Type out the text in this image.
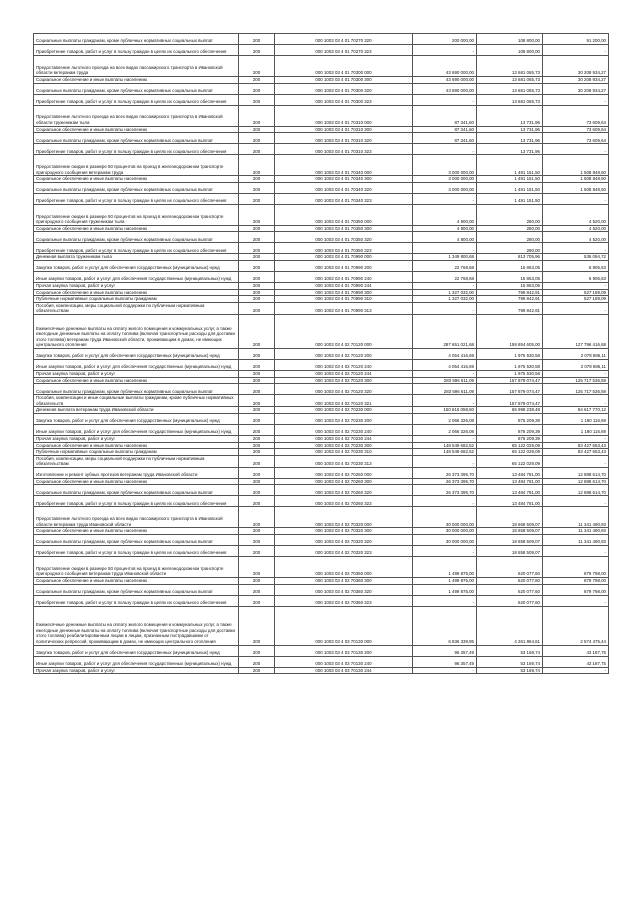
Социальные выплаты гражданам, кроме публичных нормативных социальных выплат	200	000 1003 03 4 01 70270 320	200 000,00	108 800,00	91 200,00
Приобретение товаров, работ и услуг в пользу граждан в целях их социального обеспечения	200	000 1003 03 4 01 70270 323	-	108 800,00	-
Предоставление льготного проезда на всех видах пассажирского транспорта в Ивановской области ветеранам труда	200	000 1003 03 4 01 70300 000	43 690 000,00	13 681 065,73	30 208 934,27
Социальное обеспечение и иные выплаты населению	200	000 1003 03 4 01 70300 300	43 690 000,00	13 681 065,73	30 208 934,27
Социальные выплаты гражданам, кроме публичных нормативных социальных выплат	200	000 1003 03 4 01 70300 320	43 690 000,00	13 681 065,73	30 208 934,27
Приобретение товаров, работ и услуг в пользу граждан в целях их социального обеспечения	200	000 1003 03 4 01 70300 323	-	13 681 065,73	-
Предоставление льготного проезда на всех видах пассажирского транспорта в Ивановской области труженикам тыла	200	000 1003 03 4 01 70310 000	87 341,60	13 731,96	73 609,64
Социальное обеспечение и иные выплаты населению	200	000 1003 03 4 01 70310 300	87 341,60	13 731,96	73 609,64
Социальные выплаты гражданам, кроме публичных нормативных социальных выплат	200	000 1003 03 4 01 70310 320	87 341,60	13 731,96	73 609,64
Приобретение товаров, работ и услуг в пользу граждан в целях их социального обеспечения	200	000 1003 03 4 01 70310 323	-	13 731,96	-
Предоставление скидки в размере 50 процентов на проезд в железнодорожном транспорте пригородного сообщения ветеранам труда	200	000 1003 03 4 01 70340 000	3 000 000,00	1 491 151,50	1 508 848,50
Социальное обеспечение и иные выплаты населению	200	000 1003 03 4 01 70340 300	3 000 000,00	1 491 151,50	1 508 848,50
Социальные выплаты гражданам, кроме публичных нормативных социальных выплат	200	000 1003 03 4 01 70340 320	3 000 000,00	1 491 151,50	1 508 848,50
Приобретение товаров, работ и услуг в пользу граждан в целях их социального обеспечения	200	000 1003 03 4 01 70340 323	-	1 491 151,50	-
Предоставление скидки в размере 50 процентов на проезд в железнодорожном транспорте пригородного сообщения труженикам тыла	200	000 1003 03 4 01 70350 000	4 800,00	280,00	4 520,00
Социальное обеспечение и иные выплаты населению	200	000 1003 03 4 01 70350 300	4 800,00	280,00	4 520,00
Социальные выплаты гражданам, кроме публичных нормативных социальных выплат	200	000 1003 03 4 01 70350 320	4 800,00	280,00	4 520,00
Приобретение товаров, работ и услуг в пользу граждан в целях их социального обеспечения	200	000 1003 03 4 01 70350 323	-	280,00	-
Денежная выплата труженикам тыла	200	000 1003 03 4 01 70990 000	1 349 800,68	813 705,96	536 094,72
Закупка товаров, работ и услуг для обеспечения государственных (муниципальных) нужд	200	000 1003 03 4 01 70990 200	22 768,68	15 863,05	6 905,63
Иные закупки товаров, работ и услуг для обеспечения государственных (муниципальных) нужд	200	000 1003 03 4 01 70990 240	22 768,68	15 863,05	6 905,63
Прочая закупка товаров, работ и услуг	200	000 1003 03 4 01 70990 244	-	15 863,05	-
Социальное обеспечение и иные выплаты населению	200	000 1003 03 4 01 70990 300	1 327 032,00	799 842,91	527 189,09
Публичные нормативные социальные выплаты гражданам	200	000 1003 03 4 01 70990 310	1 327 032,00	799 842,91	527 189,09
Пособия, компенсации, меры социальной поддержки по публичным нормативным обязательствам	200	000 1003 03 4 01 70990 313	-	799 842,91	-
Ежемесячные денежные выплаты на оплату жилого помещения и коммунальных услуг, а также ежегодные денежные выплаты на оплату топлива (включая транспортные расходы для доставки этого топлива) ветеранам труда Ивановской области, проживающим в домах, не имеющих центрального отопления	200	000 1003 03 4 02 70120 000	287 651 021,68	159 854 605,00	127 796 416,68
Закупка товаров, работ и услуг для обеспечения государственных (муниципальных) нужд	200	000 1003 03 4 02 70120 200	4 054 416,69	1 975 530,58	2 078 886,11
Иные закупки товаров, работ и услуг для обеспечения государственных (муниципальных) нужд	200	000 1003 03 4 02 70120 240	4 054 416,69	1 975 530,58	2 078 886,11
Прочая закупка товаров, работ и услуг	200	000 1003 03 4 02 70120 244	-	1 975 530,58	-
Социальное обеспечение и иные выплаты населению	200	000 1003 03 4 02 70120 300	283 596 611,09	157 879 074,47	125 717 536,59
Социальные выплаты гражданам, кроме публичных нормативных социальных выплат	200	000 1003 03 4 02 70120 320	283 596 611,09	157 879 074,47	125 717 536,59
Пособия, компенсации и иные социальные выплаты гражданам, кроме публичных нормативных обязательств	200	000 1003 03 4 02 70120 321	-	157 879 074,47	-
Денежная выплата ветеранам труда Ивановской области	200	000 1003 03 4 02 70230 000	150 616 058,60	65 998 238,48	84 617 770,12
Закупка товаров, работ и услуг для обеспечения государственных (муниципальных) нужд	200	000 1003 03 4 02 70230 200	2 066 326,08	876 209,39	1 190 116,69
Иные закупки товаров, работ и услуг для обеспечения государственных (муниципальных) нужд	200	000 1003 03 4 02 70230 240	2 066 326,08	876 209,39	1 190 116,69
Прочая закупка товаров, работ и услуг	200	000 1003 03 4 02 70230 244	-	876 209,39	-
Социальное обеспечение и иные выплаты населению	200	000 1003 03 4 02 70230 300	148 549 682,52	65 122 029,09	83 427 653,43
Публичные нормативные социальные выплаты гражданам	200	000 1003 03 4 02 70230 310	148 549 682,52	65 122 029,09	83 427 653,43
Пособия, компенсации, меры социальной поддержки по публичным нормативным обязательствам	200	000 1003 03 4 02 70230 313	-	65 122 029,09	-
Изготовление и ремонт зубных протезов ветеранам труда Ивановской области	200	000 1003 03 4 02 70260 000	26 373 395,70	13 484 781,00	12 888 614,70
Социальное обеспечение и иные выплаты населению	200	000 1003 03 4 02 70260 300	26 373 395,70	13 484 781,00	12 888 614,70
Социальные выплаты гражданам, кроме публичных нормативных социальных выплат	200	000 1003 03 4 02 70260 320	26 373 395,70	13 484 781,00	12 888 614,70
Приобретение товаров, работ и услуг в пользу граждан в целях их социального обеспечения	200	000 1003 03 4 02 70260 323	-	13 484 781,00	-
Предоставление льготного проезда на всех видах пассажирского транспорта в Ивановской области ветеранам труда Ивановской области	200	000 1003 03 4 02 70320 000	30 000 000,00	18 658 509,07	11 341 490,93
Социальное обеспечение и иные выплаты населению	200	000 1003 03 4 02 70320 300	30 000 000,00	18 658 509,07	11 341 490,93
Социальные выплаты гражданам, кроме публичных нормативных социальных выплат	200	000 1003 03 4 02 70320 320	30 000 000,00	18 658 509,07	11 341 490,93
Приобретение товаров, работ и услуг в пользу граждан в целях их социального обеспечения	200	000 1003 03 4 02 70320 323	-	18 658 509,07	-
Предоставление скидки в размере 50 процентов на проезд в железнодорожном транспорте пригородного сообщения ветеранам труда Ивановской области	200	000 1003 03 4 02 70360 000	1 499 875,00	620 077,60	879 798,00
Социальное обеспечение и иные выплаты населению	200	000 1003 03 4 02 70360 300	1 499 875,00	620 077,60	879 798,00
Социальные выплаты гражданам, кроме публичных нормативных социальных выплат	200	000 1003 03 4 02 70360 320	1 499 875,00	620 077,60	879 798,00
Приобретение товаров, работ и услуг в пользу граждан в целях их социального обеспечения	200	000 1003 03 4 02 70360 323	-	620 077,60	-
Ежемесячные денежные выплаты на оплату жилого помещения и коммунальных услуг, а также ежегодные денежные выплаты на оплату топлива (включая транспортные расходы для доставки этого топлива) реабилитированным лицам и лицам, признанным пострадавшими от политических репрессий, проживающим в домах, не имеющих центрального отопления	200	000 1003 03 4 03 70130 000	6 836 339,95	4 261 864,61	2 574 475,44
Закупка товаров, работ и услуг для обеспечения государственных (муниципальных) нужд	200	000 1003 03 4 03 70130 200	96 357,49	53 169,74	43 187,75
Иные закупки товаров, работ и услуг для обеспечения государственных (муниципальных) нужд	200	000 1003 03 4 03 70130 240	96 357,49	53 169,74	43 187,75
Прочая закупка товаров, работ и услуг	200	000 1003 03 4 03 70130 244	-	53 169,74	-
